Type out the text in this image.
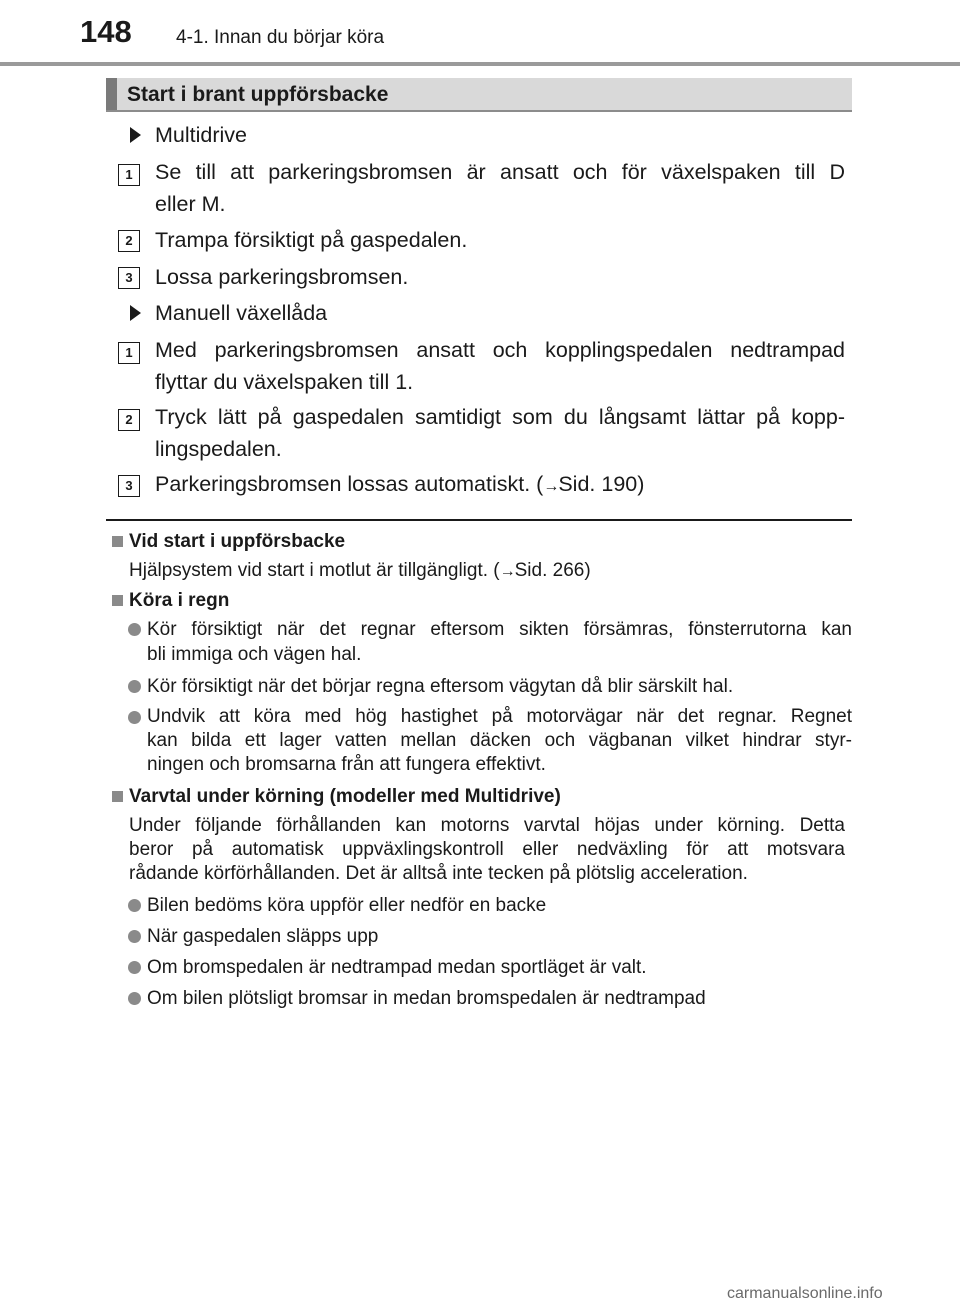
148 4-1. Innan du börjar köra
Start i brant uppförsbacke
Multidrive
1	Se till att parkeringsbromsen är ansatt och för växelspaken till D
eller M.
2	Trampa försiktigt på gaspedalen.
3	Lossa parkeringsbromsen.
Manuell växellåda
1	Med parkeringsbromsen ansatt och kopplingspedalen nedtrampad
flyttar du växelspaken till 1.
2	Tryck lätt på gaspedalen samtidigt som du långsamt lättar på kopp-
lingspedalen.
3	Parkeringsbromsen lossas automatiskt. (→Sid. 190)
Vid start i uppförsbacke
Hjälpsystem vid start i motlut är tillgängligt. (→Sid. 266)
Köra i regn
Kör försiktigt när det regnar eftersom sikten försämras, fönsterrutorna kan
bli immiga och vägen hal.
Kör försiktigt när det börjar regna eftersom vägytan då blir särskilt hal.
Undvik att köra med hög hastighet på motorvägar när det regnar. Regnet
kan bilda ett lager vatten mellan däcken och vägbanan vilket hindrar styr-
ningen och bromsarna från att fungera effektivt.
Varvtal under körning (modeller med Multidrive)
Under följande förhållanden kan motorns varvtal höjas under körning. Detta
beror på automatisk uppväxlingskontroll eller nedväxling för att motsvara
rådande körförhållanden. Det är alltså inte tecken på plötslig acceleration.
Bilen bedöms köra uppför eller nedför en backe
När gaspedalen släpps upp
Om bromspedalen är nedtrampad medan sportläget är valt.
Om bilen plötsligt bromsar in medan bromspedalen är nedtrampad
carmanualsonline.info
